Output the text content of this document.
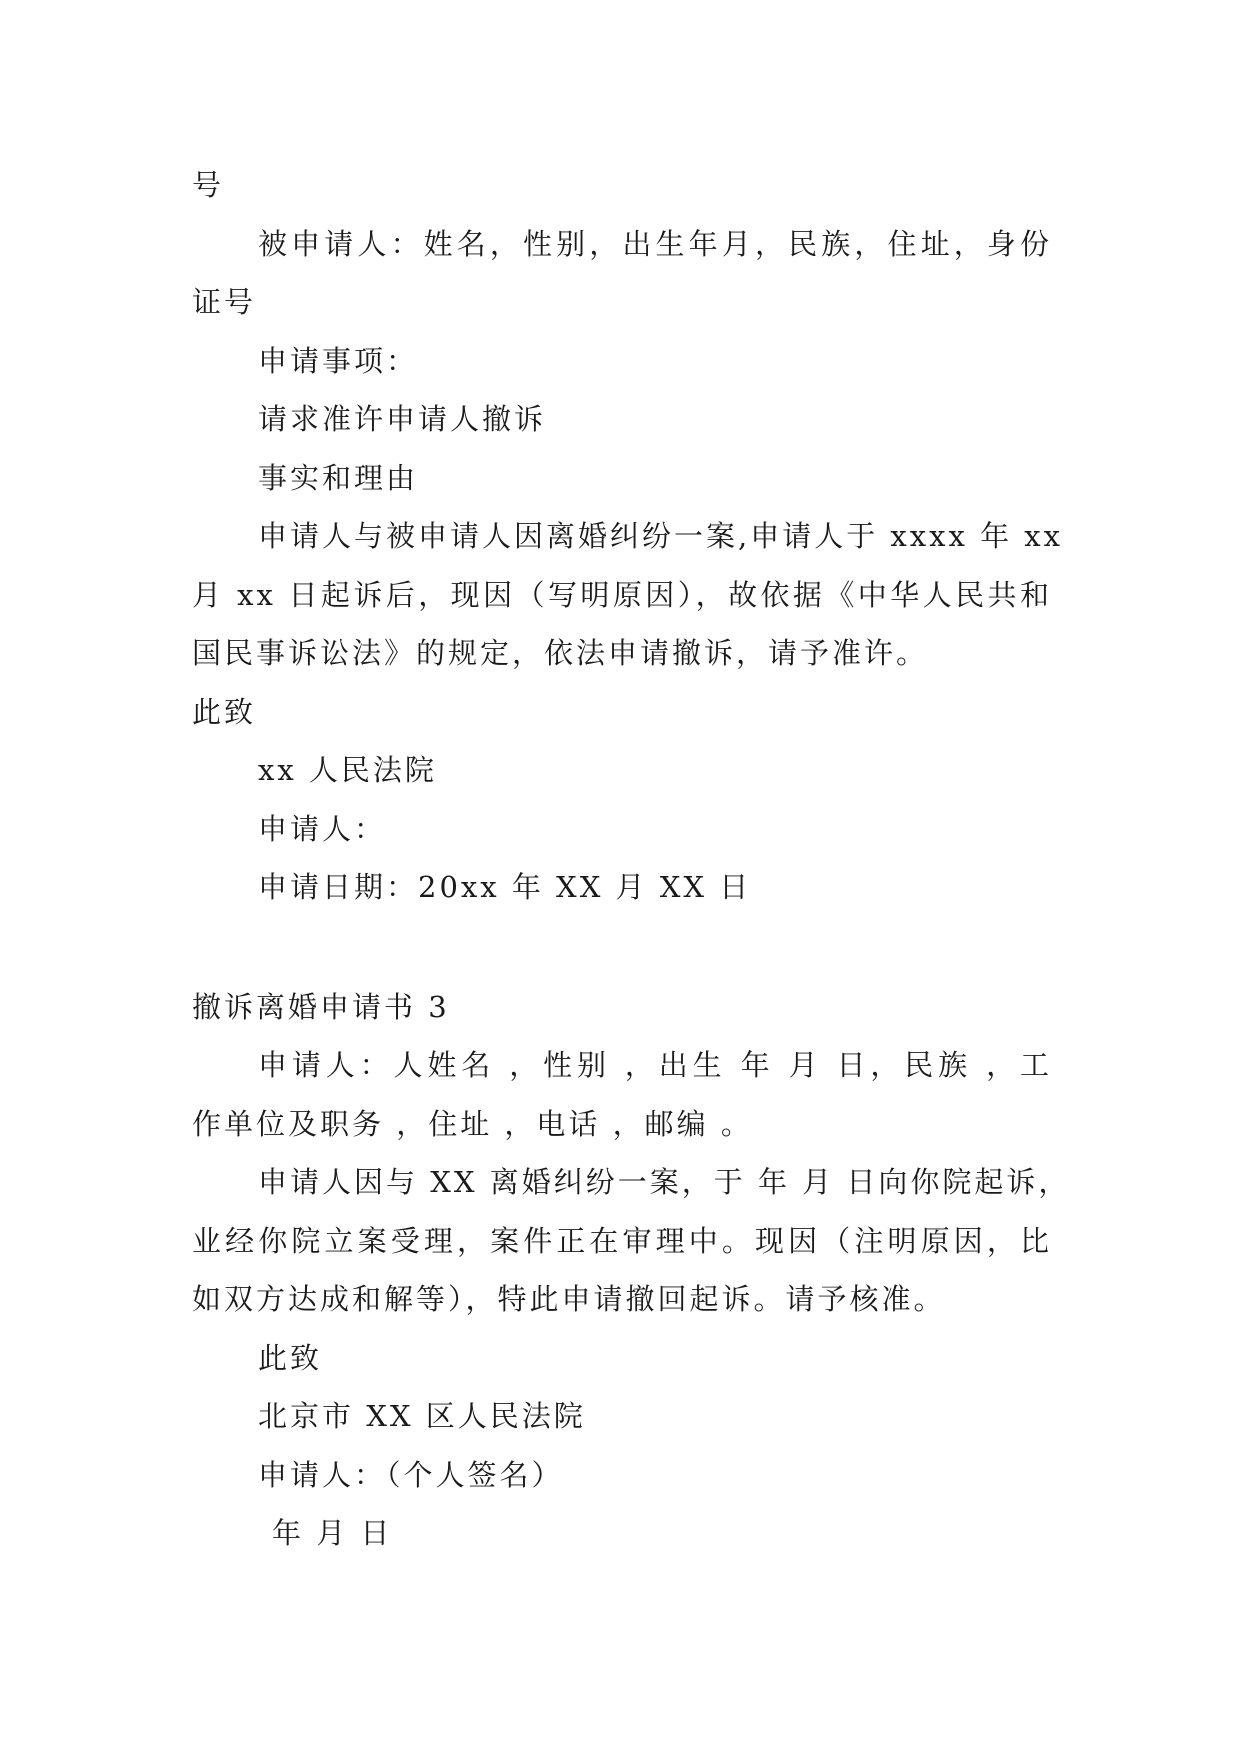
号
被申请人：姓名，性别，出生年月，民族，住址，身份
证号
申请事项：
请求准许申请人撤诉
事实和理由
申请人与被申请人因离婚纠纷一案,申请人于 xxxx 年 xx
月 xx 日起诉后，现因（写明原因），故依据《中华人民共和
国民事诉讼法》的规定，依法申请撤诉，请予准许。
此致
xx 人民法院
申请人：
申请日期：20xx 年 XX 月 XX 日
撤诉离婚申请书 3
申请人：人姓名 ，性别 ，出生 年 月 日，民族 ，工
作单位及职务 ，住址 ，电话 ，邮编 。
申请人因与 XX 离婚纠纷一案，于 年 月 日向你院起诉，
业经你院立案受理，案件正在审理中。现因（注明原因，比
如双方达成和解等），特此申请撤回起诉。请予核准。
此致
北京市 XX 区人民法院
申请人：（个人签名）
年 月 日
